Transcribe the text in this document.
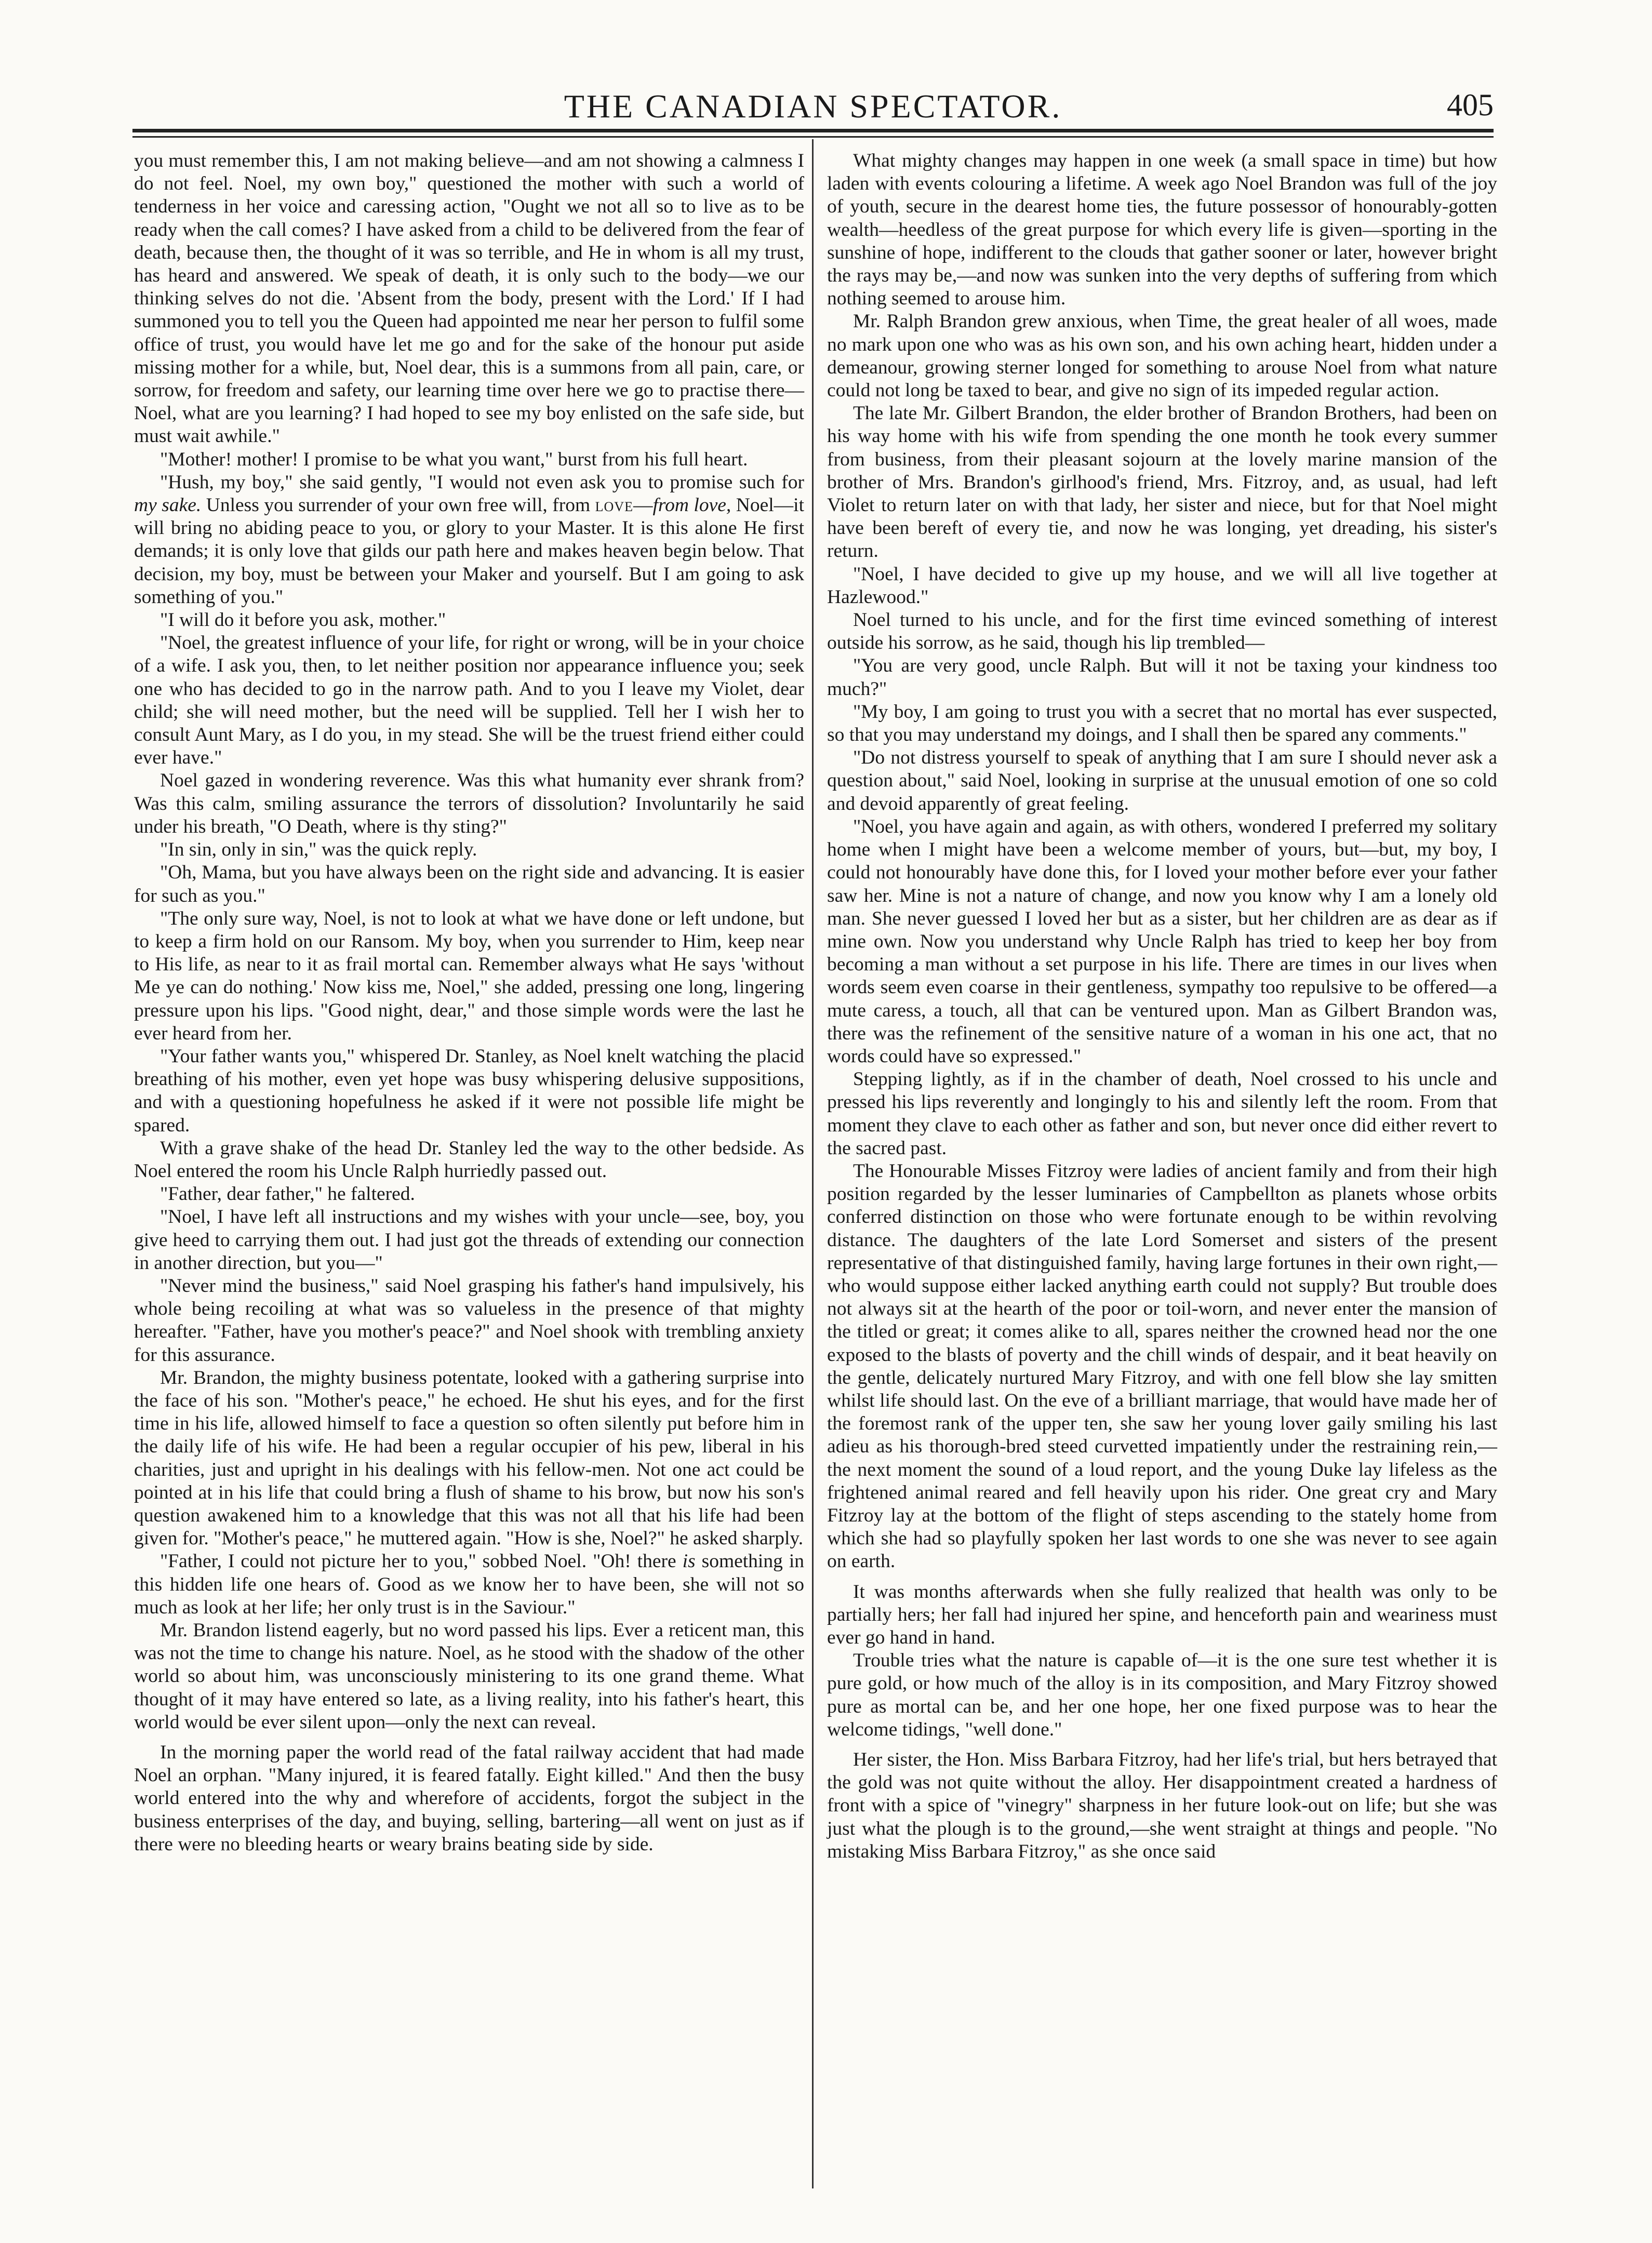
THE CANADIAN SPECTATOR.	405

you must remember this, I am not making believe—and am not showing a calmness I do not feel. Noel, my own boy," questioned the mother with such a world of tenderness in her voice and caressing action, "Ought we not all so to live as to be ready when the call comes? I have asked from a child to be delivered from the fear of death, because then, the thought of it was so terrible, and He in whom is all my trust, has heard and answered. We speak of death, it is only such to the body—we our thinking selves do not die. 'Absent from the body, present with the Lord.' If I had summoned you to tell you the Queen had appointed me near her person to fulfil some office of trust, you would have let me go and for the sake of the honour put aside missing mother for a while, but, Noel dear, this is a summons from all pain, care, or sorrow, for freedom and safety, our learning time over here we go to practise there—Noel, what are you learning? I had hoped to see my boy enlisted on the safe side, but must wait awhile."

"Mother! mother! I promise to be what you want," burst from his full heart.

"Hush, my boy," she said gently, "I would not even ask you to promise such for my sake. Unless you surrender of your own free will, from love—from love, Noel—it will bring no abiding peace to you, or glory to your Master. It is this alone He first demands; it is only love that gilds our path here and makes heaven begin below. That decision, my boy, must be between your Maker and yourself. But I am going to ask something of you."

"I will do it before you ask, mother."

"Noel, the greatest influence of your life, for right or wrong, will be in your choice of a wife. I ask you, then, to let neither position nor appearance influence you; seek one who has decided to go in the narrow path. And to you I leave my Violet, dear child; she will need mother, but the need will be supplied. Tell her I wish her to consult Aunt Mary, as I do you, in my stead. She will be the truest friend either could ever have."

Noel gazed in wondering reverence. Was this what humanity ever shrank from? Was this calm, smiling assurance the terrors of dissolution? Involuntarily he said under his breath, "O Death, where is thy sting?"

"In sin, only in sin," was the quick reply.

"Oh, Mama, but you have always been on the right side and advancing. It is easier for such as you."

"The only sure way, Noel, is not to look at what we have done or left undone, but to keep a firm hold on our Ransom. My boy, when you surrender to Him, keep near to His life, as near to it as frail mortal can. Remember always what He says 'without Me ye can do nothing.' Now kiss me, Noel," she added, pressing one long, lingering pressure upon his lips. "Good night, dear," and those simple words were the last he ever heard from her.

"Your father wants you," whispered Dr. Stanley, as Noel knelt watching the placid breathing of his mother, even yet hope was busy whispering delusive suppositions, and with a questioning hopefulness he asked if it were not possible life might be spared.

With a grave shake of the head Dr. Stanley led the way to the other bedside. As Noel entered the room his Uncle Ralph hurriedly passed out.

"Father, dear father," he faltered.

"Noel, I have left all instructions and my wishes with your uncle—see, boy, you give heed to carrying them out. I had just got the threads of extending our connection in another direction, but you—"

"Never mind the business," said Noel grasping his father's hand impulsively, his whole being recoiling at what was so valueless in the presence of that mighty hereafter. "Father, have you mother's peace?" and Noel shook with trembling anxiety for this assurance.

Mr. Brandon, the mighty business potentate, looked with a gathering surprise into the face of his son. "Mother's peace," he echoed. He shut his eyes, and for the first time in his life, allowed himself to face a question so often silently put before him in the daily life of his wife. He had been a regular occupier of his pew, liberal in his charities, just and upright in his dealings with his fellow-men. Not one act could be pointed at in his life that could bring a flush of shame to his brow, but now his son's question awakened him to a knowledge that this was not all that his life had been given for. "Mother's peace," he muttered again. "How is she, Noel?" he asked sharply.

"Father, I could not picture her to you," sobbed Noel. "Oh! there is something in this hidden life one hears of. Good as we know her to have been, she will not so much as look at her life; her only trust is in the Saviour."

Mr. Brandon listend eagerly, but no word passed his lips. Ever a reticent man, this was not the time to change his nature. Noel, as he stood with the shadow of the other world so about him, was unconsciously ministering to its one grand theme. What thought of it may have entered so late, as a living reality, into his father's heart, this world would be ever silent upon—only the next can reveal.

In the morning paper the world read of the fatal railway accident that had made Noel an orphan. "Many injured, it is feared fatally. Eight killed." And then the busy world entered into the why and wherefore of accidents, forgot the subject in the business enterprises of the day, and buying, selling, bartering—all went on just as if there were no bleeding hearts or weary brains beating side by side.

What mighty changes may happen in one week (a small space in time) but how laden with events colouring a lifetime. A week ago Noel Brandon was full of the joy of youth, secure in the dearest home ties, the future possessor of honourably-gotten wealth—heedless of the great purpose for which every life is given—sporting in the sunshine of hope, indifferent to the clouds that gather sooner or later, however bright the rays may be,—and now was sunken into the very depths of suffering from which nothing seemed to arouse him.

Mr. Ralph Brandon grew anxious, when Time, the great healer of all woes, made no mark upon one who was as his own son, and his own aching heart, hidden under a demeanour, growing sterner longed for something to arouse Noel from what nature could not long be taxed to bear, and give no sign of its impeded regular action.

The late Mr. Gilbert Brandon, the elder brother of Brandon Brothers, had been on his way home with his wife from spending the one month he took every summer from business, from their pleasant sojourn at the lovely marine mansion of the brother of Mrs. Brandon's girlhood's friend, Mrs. Fitzroy, and, as usual, had left Violet to return later on with that lady, her sister and niece, but for that Noel might have been bereft of every tie, and now he was longing, yet dreading, his sister's return.

"Noel, I have decided to give up my house, and we will all live together at Hazlewood."

Noel turned to his uncle, and for the first time evinced something of interest outside his sorrow, as he said, though his lip trembled—

"You are very good, uncle Ralph. But will it not be taxing your kindness too much?"

"My boy, I am going to trust you with a secret that no mortal has ever suspected, so that you may understand my doings, and I shall then be spared any comments."

"Do not distress yourself to speak of anything that I am sure I should never ask a question about," said Noel, looking in surprise at the unusual emotion of one so cold and devoid apparently of great feeling.

"Noel, you have again and again, as with others, wondered I preferred my solitary home when I might have been a welcome member of yours, but—but, my boy, I could not honourably have done this, for I loved your mother before ever your father saw her. Mine is not a nature of change, and now you know why I am a lonely old man. She never guessed I loved her but as a sister, but her children are as dear as if mine own. Now you understand why Uncle Ralph has tried to keep her boy from becoming a man without a set purpose in his life. There are times in our lives when words seem even coarse in their gentleness, sympathy too repulsive to be offered—a mute caress, a touch, all that can be ventured upon. Man as Gilbert Brandon was, there was the refinement of the sensitive nature of a woman in his one act, that no words could have so expressed."

Stepping lightly, as if in the chamber of death, Noel crossed to his uncle and pressed his lips reverently and longingly to his and silently left the room. From that moment they clave to each other as father and son, but never once did either revert to the sacred past.

The Honourable Misses Fitzroy were ladies of ancient family and from their high position regarded by the lesser luminaries of Campbellton as planets whose orbits conferred distinction on those who were fortunate enough to be within revolving distance. The daughters of the late Lord Somerset and sisters of the present representative of that distinguished family, having large fortunes in their own right,—who would suppose either lacked anything earth could not supply? But trouble does not always sit at the hearth of the poor or toil-worn, and never enter the mansion of the titled or great; it comes alike to all, spares neither the crowned head nor the one exposed to the blasts of poverty and the chill winds of despair, and it beat heavily on the gentle, delicately nurtured Mary Fitzroy, and with one fell blow she lay smitten whilst life should last. On the eve of a brilliant marriage, that would have made her of the foremost rank of the upper ten, she saw her young lover gaily smiling his last adieu as his thorough-bred steed curvetted impatiently under the restraining rein,—the next moment the sound of a loud report, and the young Duke lay lifeless as the frightened animal reared and fell heavily upon his rider. One great cry and Mary Fitzroy lay at the bottom of the flight of steps ascending to the stately home from which she had so playfully spoken her last words to one she was never to see again on earth.

It was months afterwards when she fully realized that health was only to be partially hers; her fall had injured her spine, and henceforth pain and weariness must ever go hand in hand.

Trouble tries what the nature is capable of—it is the one sure test whether it is pure gold, or how much of the alloy is in its composition, and Mary Fitzroy showed pure as mortal can be, and her one hope, her one fixed purpose was to hear the welcome tidings, "well done."

Her sister, the Hon. Miss Barbara Fitzroy, had her life's trial, but hers betrayed that the gold was not quite without the alloy. Her disappointment created a hardness of front with a spice of "vinegry" sharpness in her future look-out on life; but she was just what the plough is to the ground,—she went straight at things and people. "No mistaking Miss Barbara Fitzroy," as she once said
